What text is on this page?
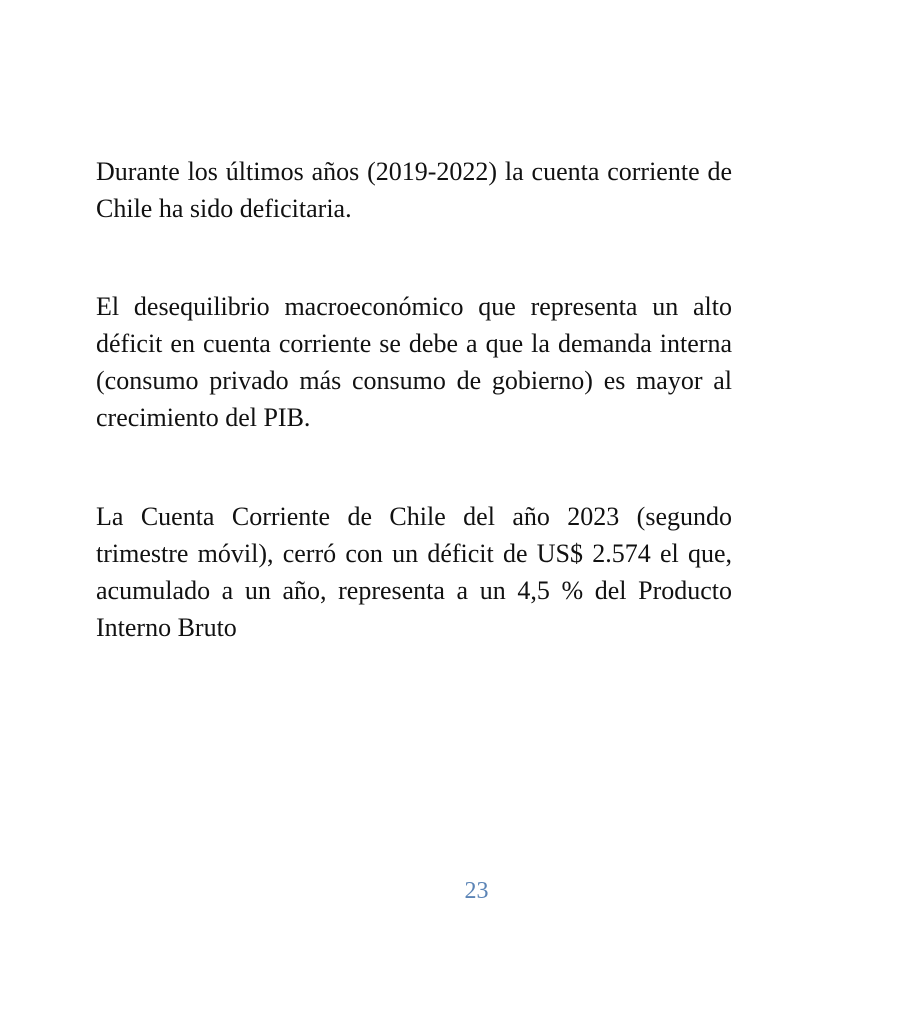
Durante los últimos años (2019-2022) la cuenta corriente de Chile ha sido deficitaria.

El desequilibrio macroeconómico que representa un alto déficit en cuenta corriente se debe a que la demanda interna (consumo privado más consumo de gobierno) es mayor al crecimiento del PIB.

La Cuenta Corriente de Chile del año 2023 (segundo trimestre móvil), cerró con un déficit de US$ 2.574 el que, acumulado a un año, representa a un 4,5 % del Producto Interno Bruto

23
